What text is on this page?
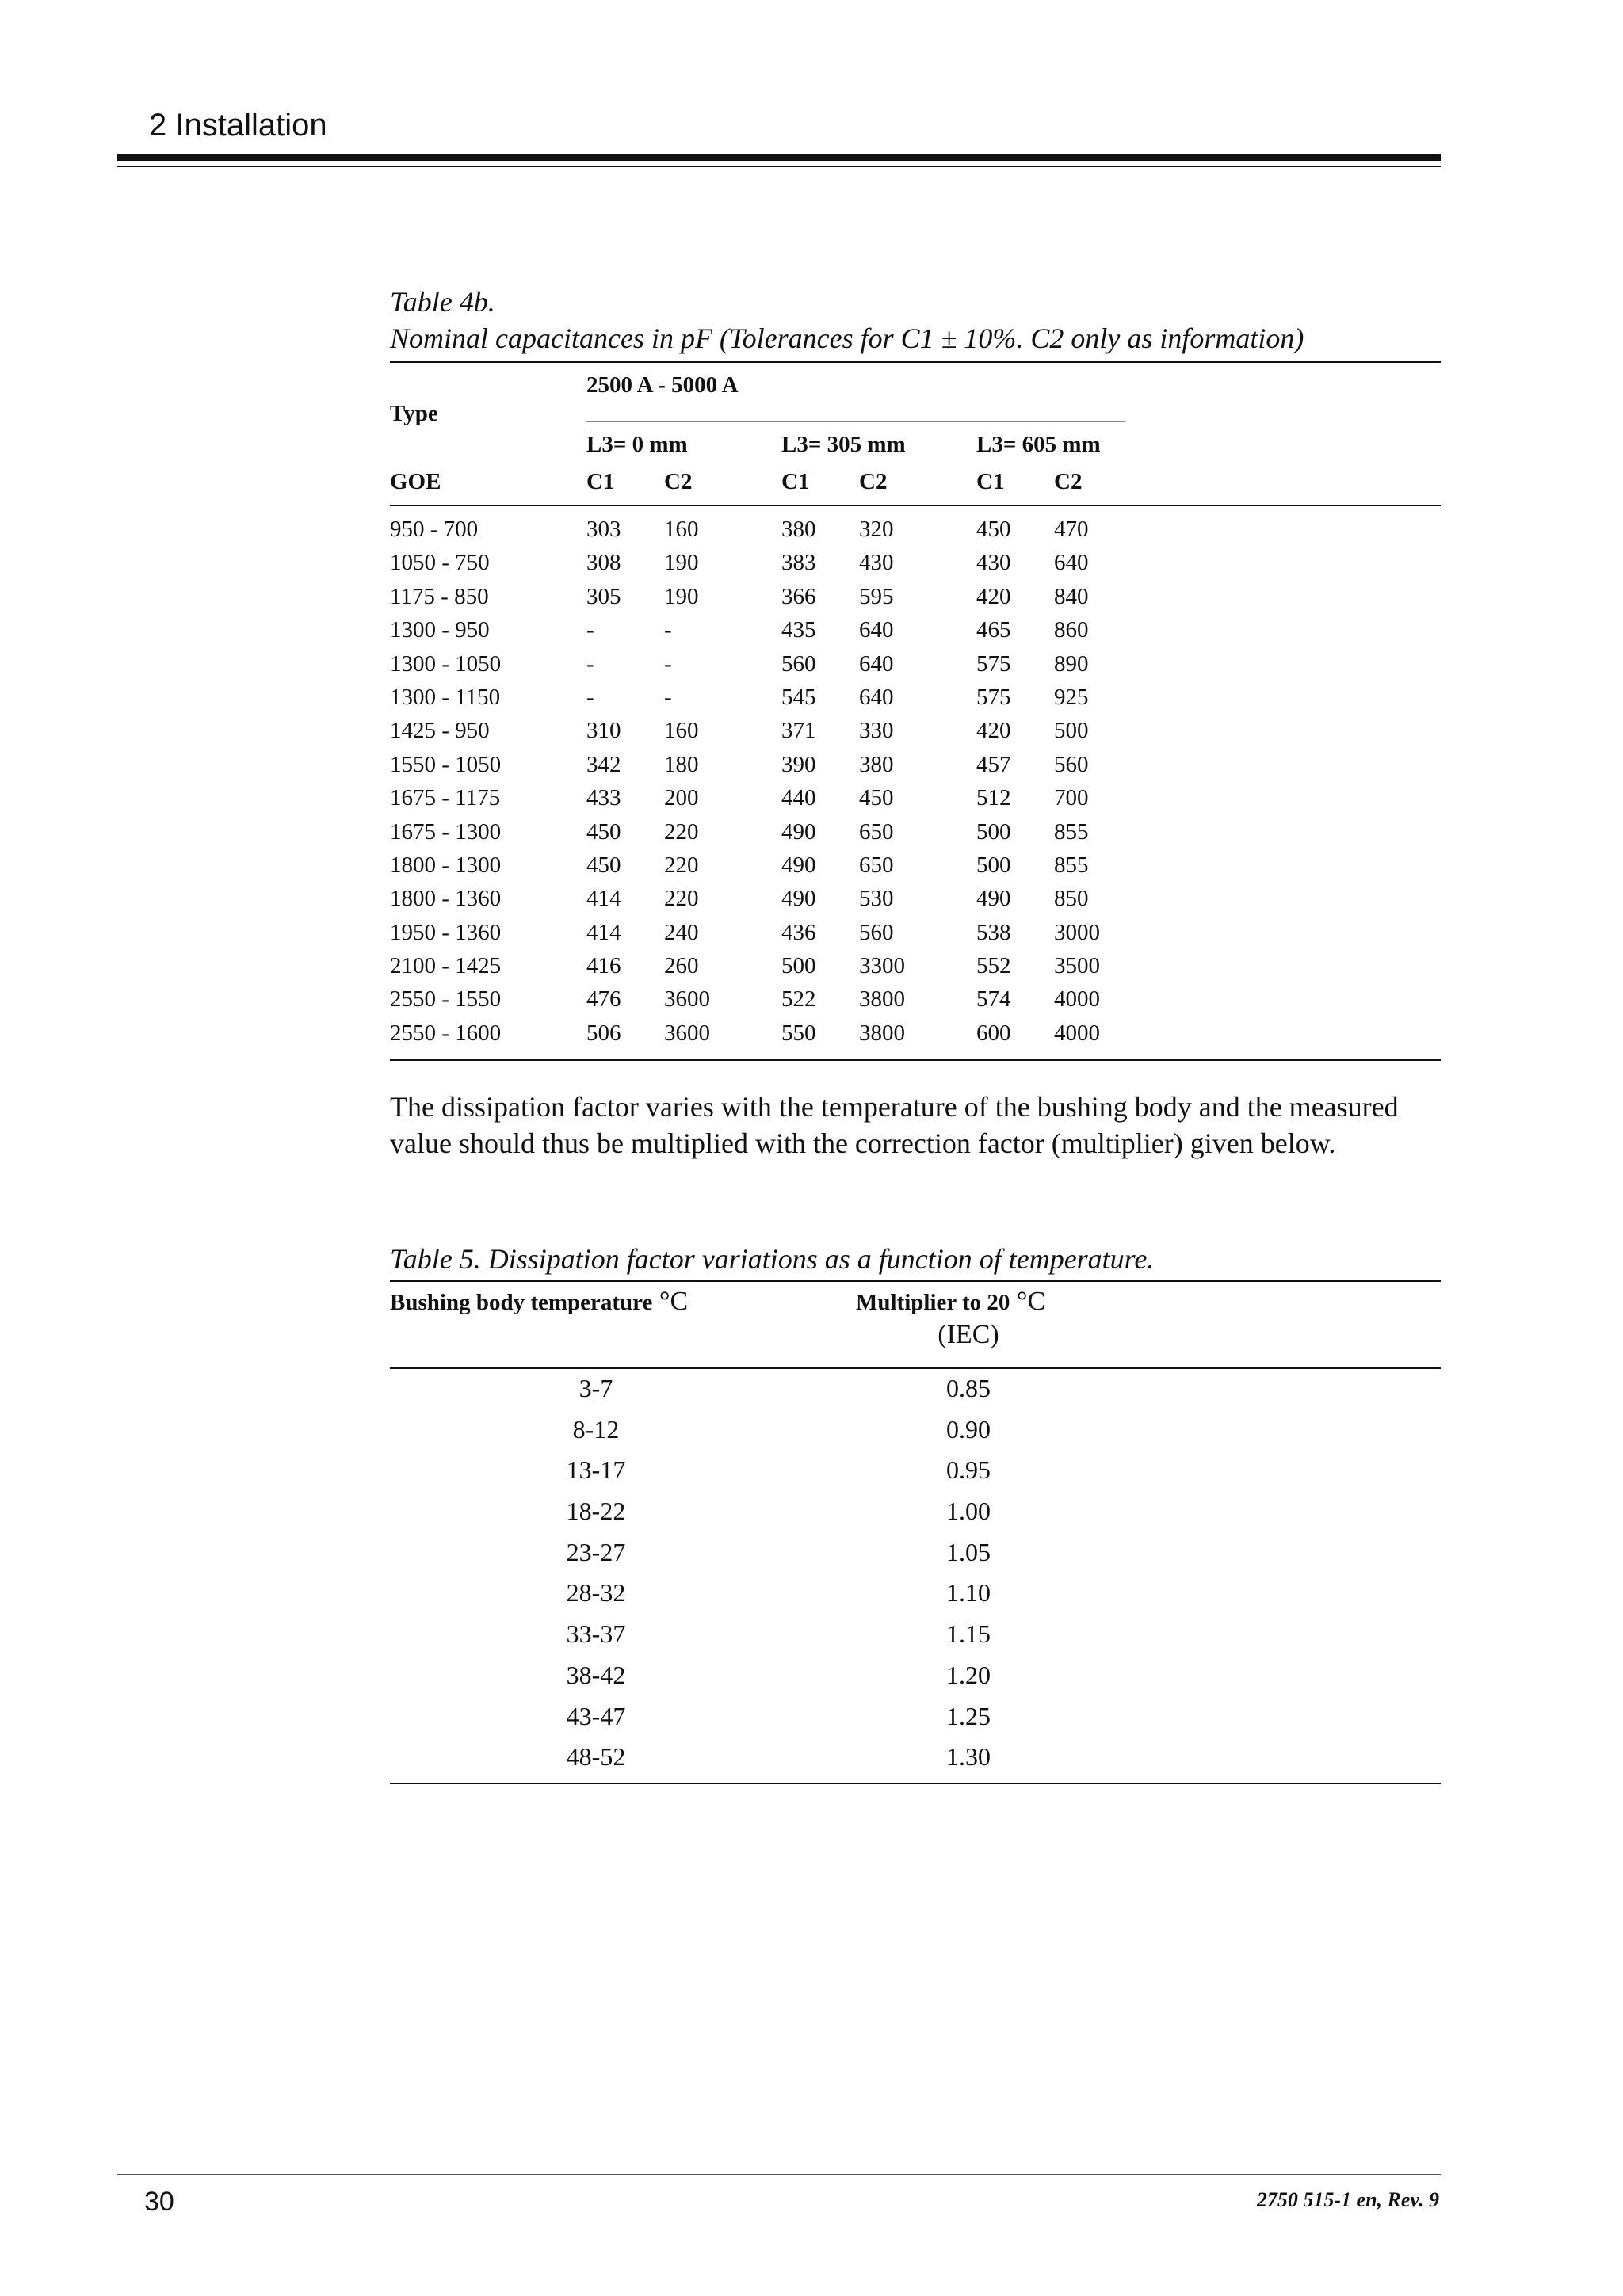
2 Installation
Table 4b.
Nominal capacitances in pF (Tolerances for C1 ± 10%. C2 only as information)
2500 A - 5000 A
Type
L3= 0 mm	L3= 305 mm	L3= 605 mm
GOE	C1 C2	C1 C2	C1 C2
950 - 700	303 160	380 320	450 470
1050 - 750	308 190	383 430	430 640
1175 - 850	305 190	366 595	420 840
1300 - 950	-	-	435 640	465 860
1300 - 1050	-	-	560 640	575 890
1300 - 1150	-	-	545 640	575 925
1425 - 950	310 160	371 330	420 500
1550 - 1050	342 180	390 380	457 560
1675 - 1175	433 200	440 450	512 700
1675 - 1300	450 220	490 650	500 855
1800 - 1300	450 220	490 650	500 855
1800 - 1360	414 220	490 530	490 850
1950 - 1360	414 240	436 560	538 3000
2100 - 1425	416 260	500 3300	552 3500
2550 - 1550	476 3600	522 3800	574 4000
2550 - 1600	506 3600	550 3800	600 4000
The dissipation factor varies with the temperature of the bushing body and the measured value should thus be multiplied with the correction factor (multiplier) given below.
Table 5. Dissipation factor variations as a function of temperature.
Bushing body temperature °C	Multiplier to 20 °C
(IEC)
3-7	0.85
8-12	0.90
13-17	0.95
18-22	1.00
23-27	1.05
28-32	1.10
33-37	1.15
38-42	1.20
43-47	1.25
48-52	1.30
30	2750 515-1 en, Rev. 9
